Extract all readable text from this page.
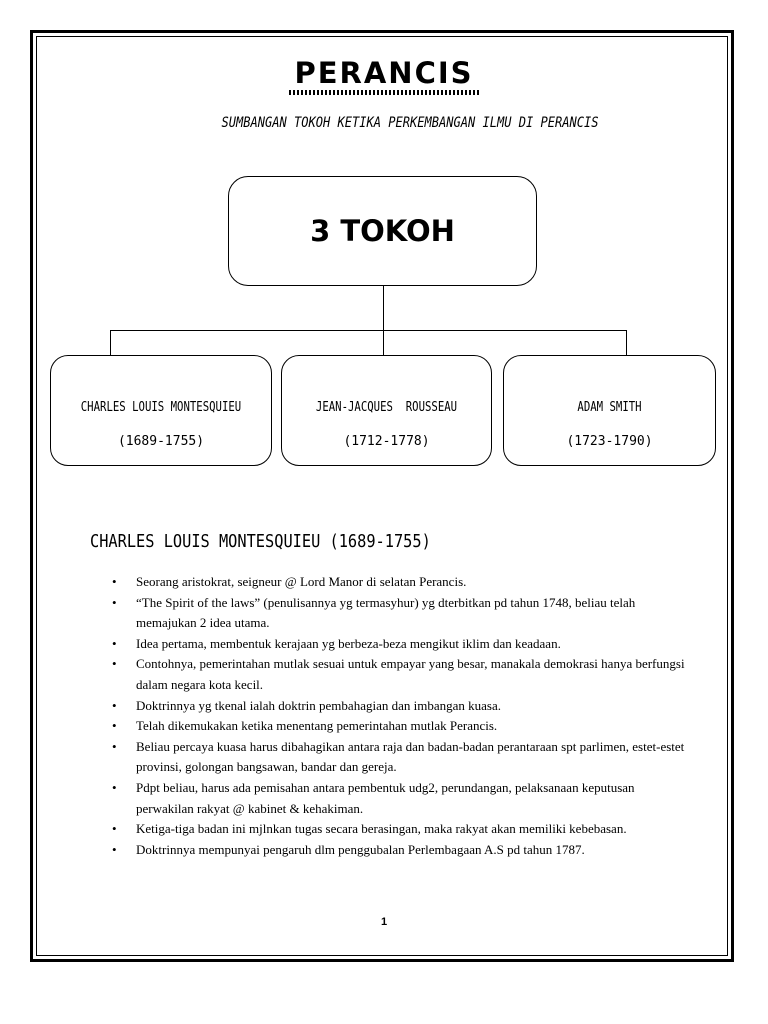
PERANCIS
SUMBANGAN TOKOH KETIKA PERKEMBANGAN ILMU DI PERANCIS
3 TOKOH
CHARLES LOUIS MONTESQUIEU
(1689-1755)
JEAN-JACQUES  ROUSSEAU
(1712-1778)
ADAM SMITH
(1723-1790)
CHARLES LOUIS MONTESQUIEU (1689-1755)
• Seorang aristokrat, seigneur @ Lord Manor di selatan Perancis.
• “The Spirit of the laws” (penulisannya yg termasyhur) yg dterbitkan pd tahun 1748, beliau telah memajukan 2 idea utama.
• Idea pertama, membentuk kerajaan yg berbeza-beza mengikut iklim dan keadaan.
• Contohnya, pemerintahan mutlak sesuai untuk empayar yang besar, manakala demokrasi hanya berfungsi dalam negara kota kecil.
• Doktrinnya yg tkenal ialah doktrin pembahagian dan imbangan kuasa.
• Telah dikemukakan ketika menentang pemerintahan mutlak Perancis.
• Beliau percaya kuasa harus dibahagikan antara raja dan badan-badan perantaraan spt parlimen, estet-estet provinsi, golongan bangsawan, bandar dan gereja.
• Pdpt beliau, harus ada pemisahan antara pembentuk udg2, perundangan, pelaksanaan keputusan perwakilan rakyat @ kabinet & kehakiman.
• Ketiga-tiga badan ini mjlnkan tugas secara berasingan, maka rakyat akan memiliki kebebasan.
• Doktrinnya mempunyai pengaruh dlm penggubalan Perlembagaan A.S pd tahun 1787.
1
